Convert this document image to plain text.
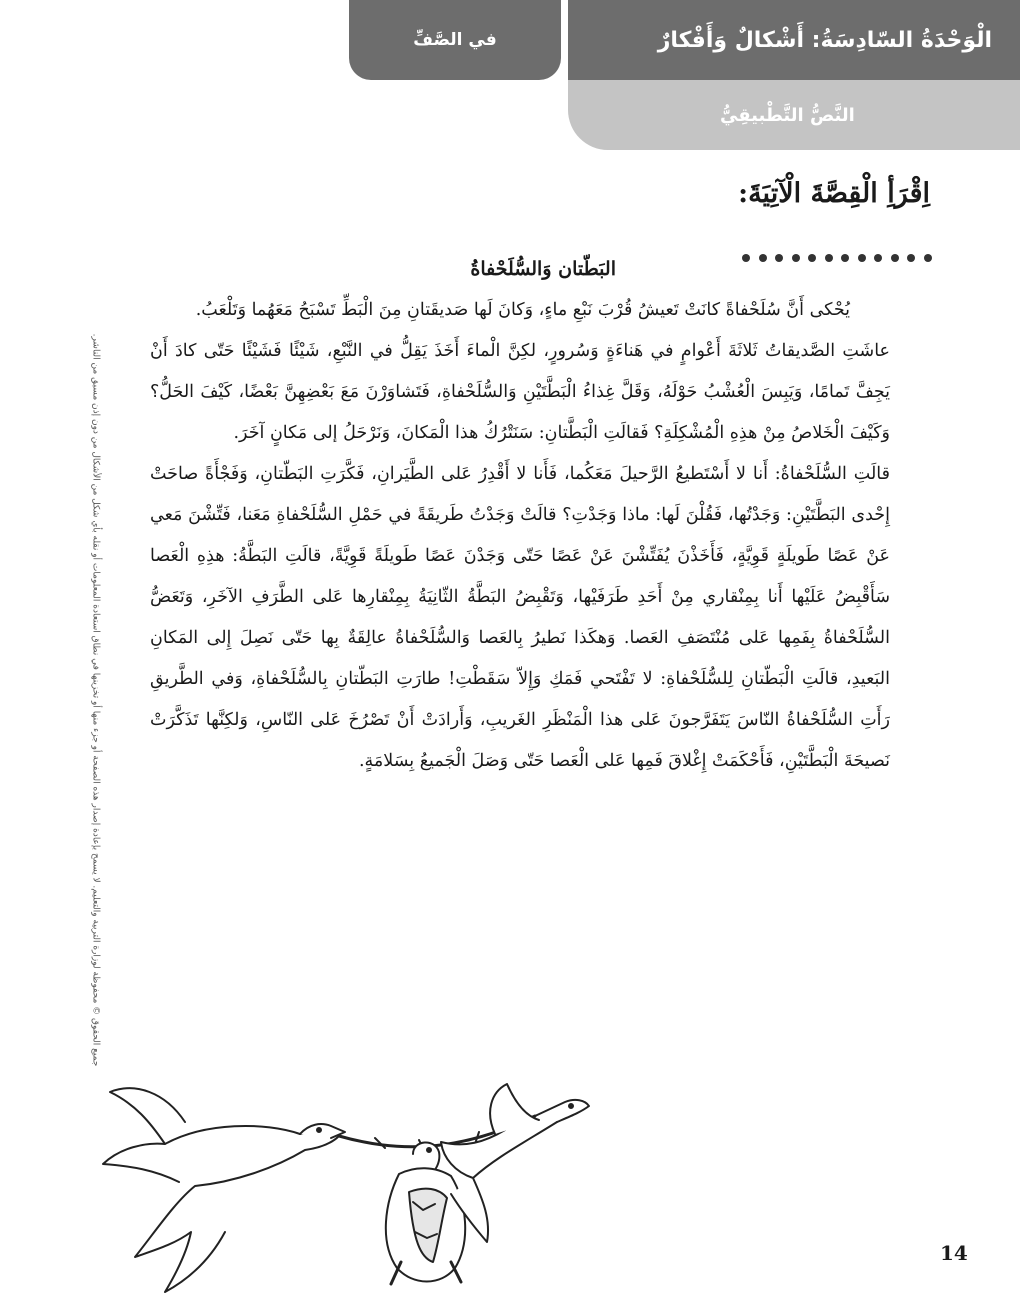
في الصَّفِّ	الْوَحْدَةُ السّادِسَةُ: أَشْكالٌ وَأَفْكارٌ
النَّصُّ التَّطْبيقِيُّ
اِقْرَأِ الْقِصَّةَ الْآتِيَةَ:
البَطّتان وَالسُّلَحْفاةُ

يُحْكى أَنَّ سُلَحْفاةً كانَتْ تَعيشُ قُرْبَ نَبْعِ ماءٍ، وَكانَ لَها صَديقَتانِ مِنَ الْبَطِّ تَسْبَحُ مَعَهُما وَتَلْعَبُ.

عاشَتِ الصَّديقاتُ ثَلاثَةَ أَعْوامٍ في هَناءَةٍ وَسُرورٍ، لكِنَّ الْماءَ أَخَذَ يَقِلُّ في النَّبْعِ، شَيْئًا فَشَيْئًا حَتّى كادَ أَنْ يَجِفَّ تَمامًا، وَيَبِسَ الْعُشْبُ حَوْلَهُ، وَقَلَّ غِذاءُ الْبَطَّتَيْنِ وَالسُّلَحْفاةِ، فَتَشاوَرْنَ مَعَ بَعْضِهِنَّ بَعْضًا، كَيْفَ الحَلُّ؟ وَكَيْفَ الْخَلاصُ مِنْ هذِهِ الْمُشْكِلَةِ؟ فَقالَتِ الْبَطَّتانِ: سَنَتْرُكُ هذا الْمَكانَ، وَنَرْحَلُ إلى مَكانٍ آخَرَ.

قالَتِ السُّلَحْفاةُ: أَنا لا أَسْتَطيعُ الرَّحيلَ مَعَكُما، فَأَنا لا أَقْدِرُ عَلى الطَّيَرانِ، فَكَّرَتِ البَطّتانِ، وَفَجْأَةً صاحَتْ إِحْدى البَطَّتَيْنِ: وَجَدْتُها، فَقُلْنَ لَها: ماذا وَجَدْتِ؟ قالَتْ وَجَدْتُ طَريقَةً في حَمْلِ السُّلَحْفاةِ مَعَنا، فَتِّشْنَ مَعي عَنْ عَصًا طَويلَةٍ قَوِيَّةٍ، فَأَخَذْنَ يُفَتِّشْنَ عَنْ عَصًا حَتّى وَجَدْنَ عَصًا طَويلَةً قَوِيَّةً، قالَتِ البَطَّةُ: هذِهِ الْعَصا سَأَقْبِضُ عَلَيْها أَنا بِمِنْقاري مِنْ أَحَدِ طَرَفَيْها، وَتَقْبِضُ البَطَّةُ الثّانِيَةُ بِمِنْقارِها عَلى الطَّرَفِ الآخَرِ، وَتَعَضُّ السُّلَحْفاةُ بِفَمِها عَلى مُنْتَصَفِ العَصا. وَهكَذا نَطيرُ بِالعَصا وَالسُّلَحْفاةُ عالِقَةٌ بِها حَتّى نَصِلَ إِلى المَكانِ البَعيدِ، قالَتِ الْبَطّتانِ لِلسُّلَحْفاةِ: لا تَفْتَحي فَمَكِ وَإِلاّ سَقَطْتِ! طارَتِ البَطّتانِ بِالسُّلَحْفاةِ، وَفي الطَّريقِ رَأَتِ السُّلَحْفاةُ النّاسَ يَتَفَرَّجونَ عَلى هذا الْمَنْظَرِ الغَريبِ، وَأَرادَتْ أَنْ تَصْرُخَ عَلى النّاسِ، وَلكِنَّها تَذَكَّرَتْ نَصيحَةَ الْبَطَّتَيْنِ، فَأَحْكَمَتْ إِغْلاقَ فَمِها عَلى الْعَصا حَتّى وَصَلَ الْجَميعُ بِسَلامَةٍ.

جميع الحقوق © محفوظة لوزارة التربية والتعليم. لا يسمح بإعادة إصدار هذه الصفحة أو جزء منها أو تخزينها في نطاق استعادة المعلومات أو نقله بأي شكل من الأشكال من دون إذن مسبق من الناشر.
14
